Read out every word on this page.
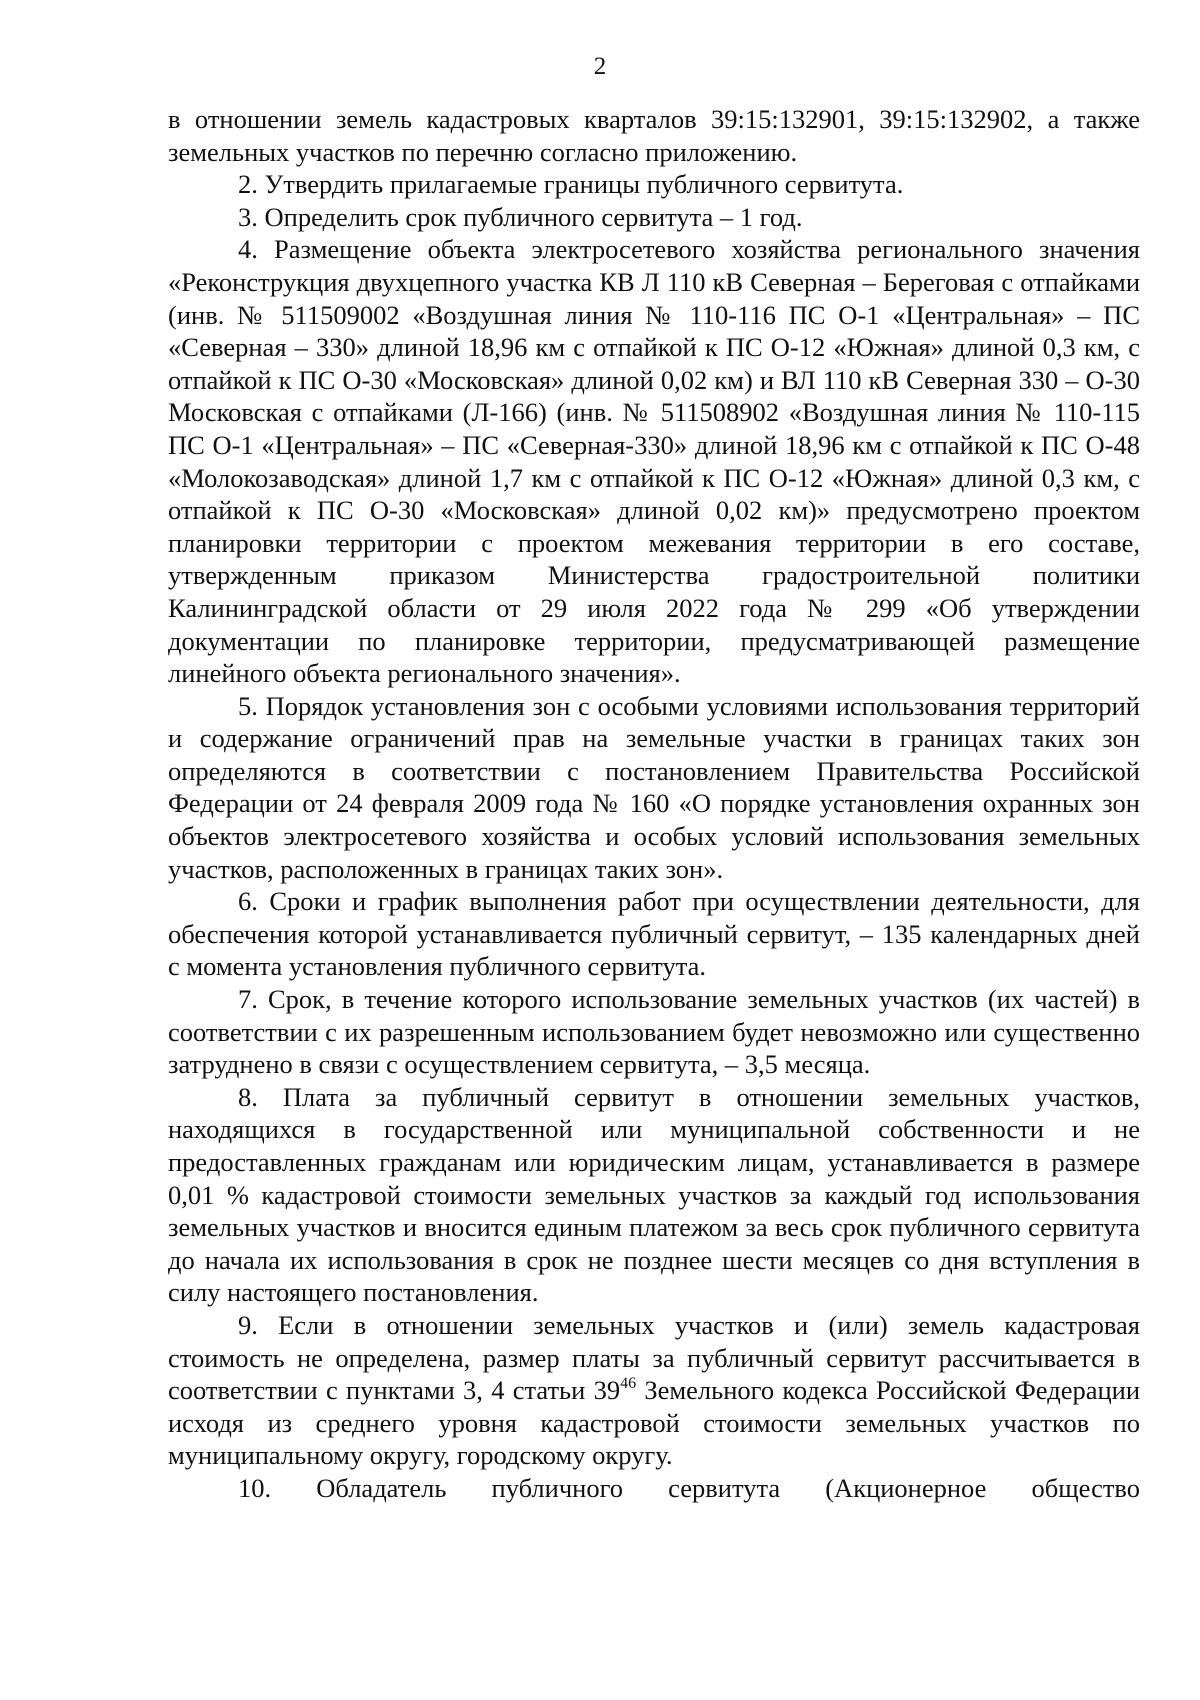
2

в отношении земель кадастровых кварталов 39:15:132901, 39:15:132902, а также земельных участков по перечню согласно приложению.

2. Утвердить прилагаемые границы публичного сервитута.

3. Определить срок публичного сервитута – 1 год.

4. Размещение объекта электросетевого хозяйства регионального значения «Реконструкция двухцепного участка КВ Л 110 кВ Северная – Береговая с отпайками (инв. № 511509002 «Воздушная линия № 110-116 ПС О-1 «Центральная» – ПС «Северная – 330» длиной 18,96 км с отпайкой к ПС О-12 «Южная» длиной 0,3 км, с отпайкой к ПС О-30 «Московская» длиной 0,02 км) и ВЛ 110 кВ Северная 330 – О-30 Московская с отпайками (Л-166) (инв. № 511508902 «Воздушная линия № 110-115 ПС О-1 «Центральная» – ПС «Северная-330» длиной 18,96 км с отпайкой к ПС О-48 «Молокозаводская» длиной 1,7 км с отпайкой к ПС О-12 «Южная» длиной 0,3 км, с отпайкой к ПС О-30 «Московская» длиной 0,02 км)» предусмотрено проектом планировки территории с проектом межевания территории в его составе, утвержденным приказом Министерства градостроительной политики Калининградской области от 29 июля 2022 года № 299 «Об утверждении документации по планировке территории, предусматривающей размещение линейного объекта регионального значения».

5. Порядок установления зон с особыми условиями использования территорий и содержание ограничений прав на земельные участки в границах таких зон определяются в соответствии с постановлением Правительства Российской Федерации от 24 февраля 2009 года № 160 «О порядке установления охранных зон объектов электросетевого хозяйства и особых условий использования земельных участков, расположенных в границах таких зон».

6. Сроки и график выполнения работ при осуществлении деятельности, для обеспечения которой устанавливается публичный сервитут, – 135 календарных дней с момента установления публичного сервитута.

7. Срок, в течение которого использование земельных участков (их частей) в соответствии с их разрешенным использованием будет невозможно или существенно затруднено в связи с осуществлением сервитута, – 3,5 месяца.

8. Плата за публичный сервитут в отношении земельных участков, находящихся в государственной или муниципальной собственности и не предоставленных гражданам или юридическим лицам, устанавливается в размере 0,01 % кадастровой стоимости земельных участков за каждый год использования земельных участков и вносится единым платежом за весь срок публичного сервитута до начала их использования в срок не позднее шести месяцев со дня вступления в силу настоящего постановления.

9. Если в отношении земельных участков и (или) земель кадастровая стоимость не определена, размер платы за публичный сервитут рассчитывается в соответствии с пунктами 3, 4 статьи $39^{46}$ Земельного кодекса Российской Федерации исходя из среднего уровня кадастровой стоимости земельных участков по муниципальному округу, городскому округу.

10. Обладатель публичного сервитута (Акционерное общество
